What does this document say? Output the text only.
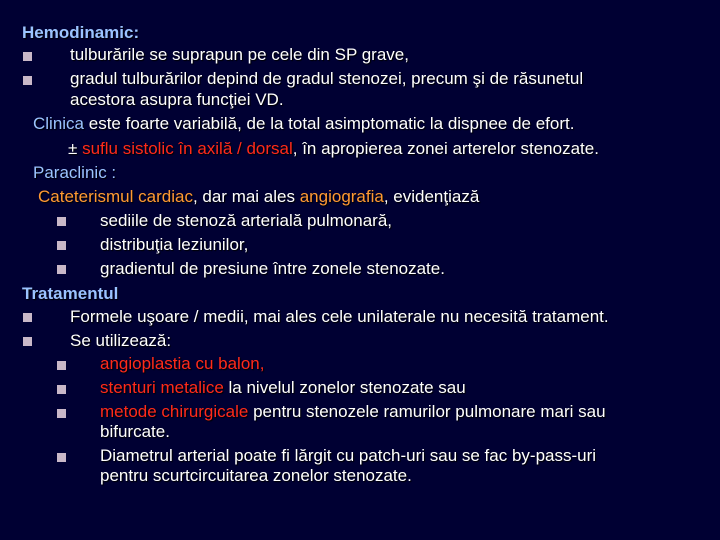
Hemodinamic:
tulburările se suprapun pe cele din SP grave,
gradul tulburărilor depind de gradul stenozei, precum şi de răsunetul
acestora asupra funcţiei VD.
Clinica este foarte variabilă, de la total asimptomatic la dispnee de efort.
± suflu sistolic în axilă / dorsal, în apropierea zonei arterelor stenozate.
Paraclinic :
Cateterismul cardiac, dar mai ales angiografia, evidenţiază
sediile de stenoză arterială pulmonară,
distribuţia leziunilor,
gradientul de presiune între zonele stenozate.
Tratamentul
Formele uşoare / medii, mai ales cele unilaterale nu necesită tratament.
Se utilizează:
angioplastia cu balon,
stenturi metalice la nivelul zonelor stenozate sau
metode chirurgicale pentru stenozele ramurilor pulmonare mari sau
bifurcate.
Diametrul arterial poate fi lărgit cu patch-uri sau se fac by-pass-uri
pentru scurtcircuitarea zonelor stenozate.
